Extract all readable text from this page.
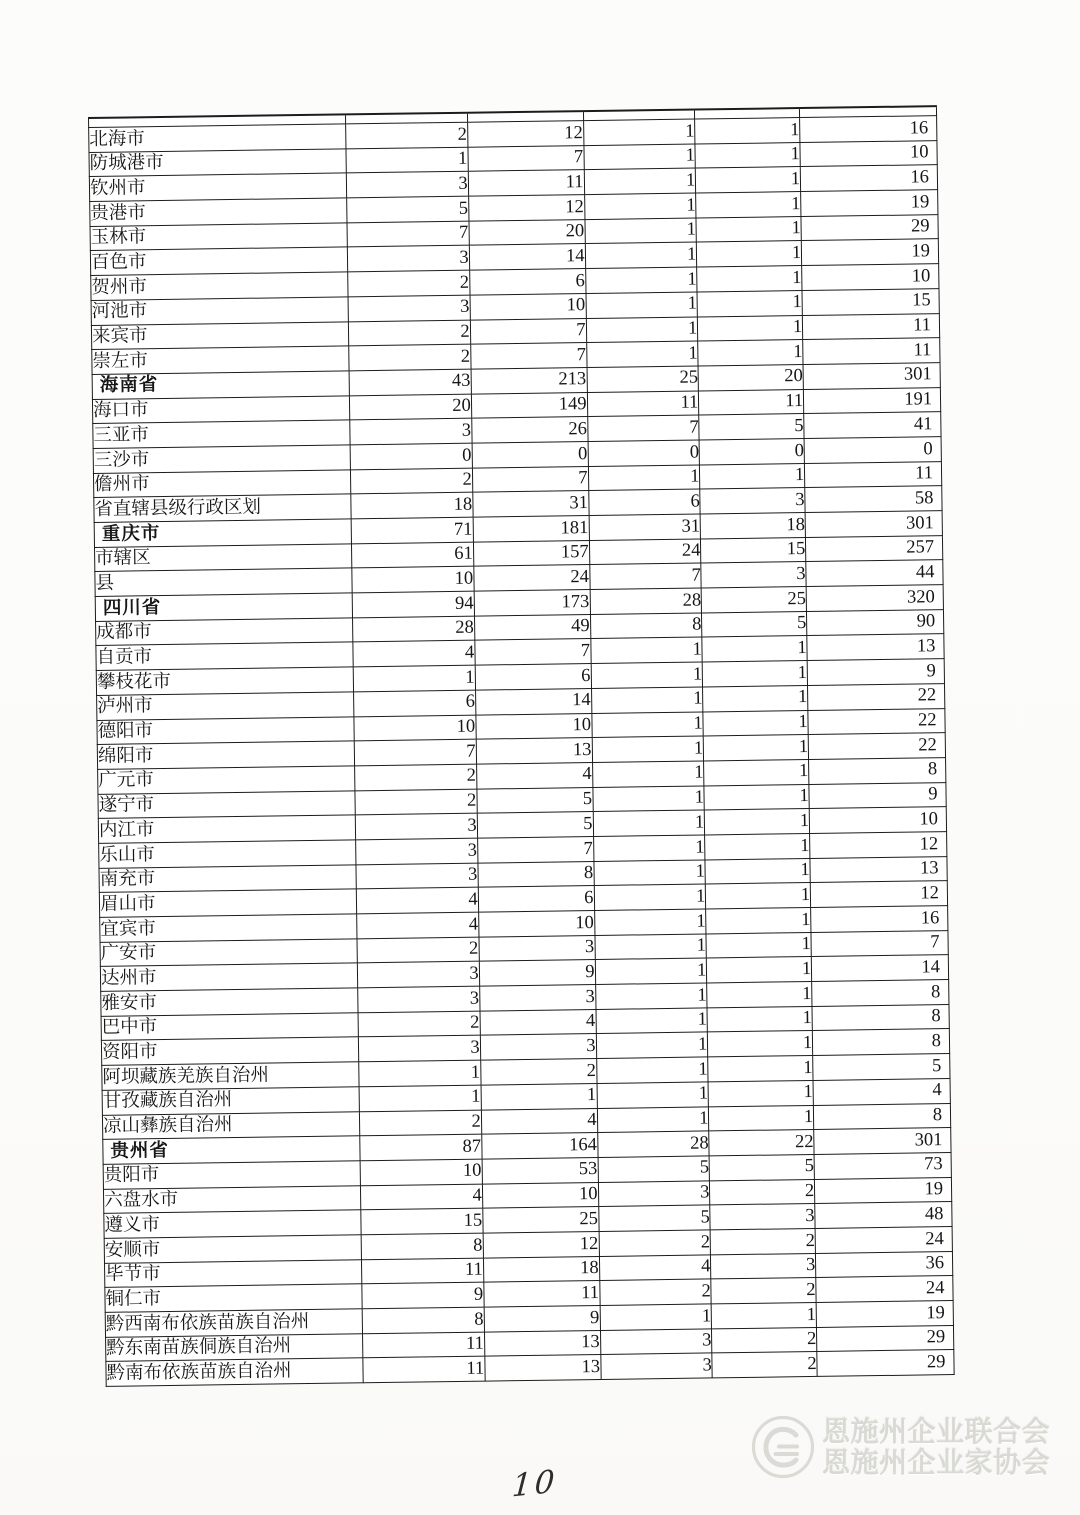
北海市	2	12	1	1	16
防城港市	1	7	1	1	10
钦州市	3	11	1	1	16
贵港市	5	12	1	1	19
玉林市	7	20	1	1	29
百色市	3	14	1	1	19
贺州市	2	6	1	1	10
河池市	3	10	1	1	15
来宾市	2	7	1	1	11
崇左市	2	7	1	1	11
海南省	43	213	25	20	301
海口市	20	149	11	11	191
三亚市	3	26	7	5	41
三沙市	0	0	0	0	0
儋州市	2	7	1	1	11
省直辖县级行政区划	18	31	6	3	58
重庆市	71	181	31	18	301
市辖区	61	157	24	15	257
县	10	24	7	3	44
四川省	94	173	28	25	320
成都市	28	49	8	5	90
自贡市	4	7	1	1	13
攀枝花市	1	6	1	1	9
泸州市	6	14	1	1	22
德阳市	10	10	1	1	22
绵阳市	7	13	1	1	22
广元市	2	4	1	1	8
遂宁市	2	5	1	1	9
内江市	3	5	1	1	10
乐山市	3	7	1	1	12
南充市	3	8	1	1	13
眉山市	4	6	1	1	12
宜宾市	4	10	1	1	16
广安市	2	3	1	1	7
达州市	3	9	1	1	14
雅安市	3	3	1	1	8
巴中市	2	4	1	1	8
资阳市	3	3	1	1	8
阿坝藏族羌族自治州	1	2	1	1	5
甘孜藏族自治州	1	1	1	1	4
凉山彝族自治州	2	4	1	1	8
贵州省	87	164	28	22	301
贵阳市	10	53	5	5	73
六盘水市	4	10	3	2	19
遵义市	15	25	5	3	48
安顺市	8	12	2	2	24
毕节市	11	18	4	3	36
铜仁市	9	11	2	2	24
黔西南布依族苗族自治州	8	9	1	1	19
黔东南苗族侗族自治州	11	13	3	2	29
黔南布依族苗族自治州	11	13	3	2	29
恩施州企业联合会
恩施州企业家协会
10
